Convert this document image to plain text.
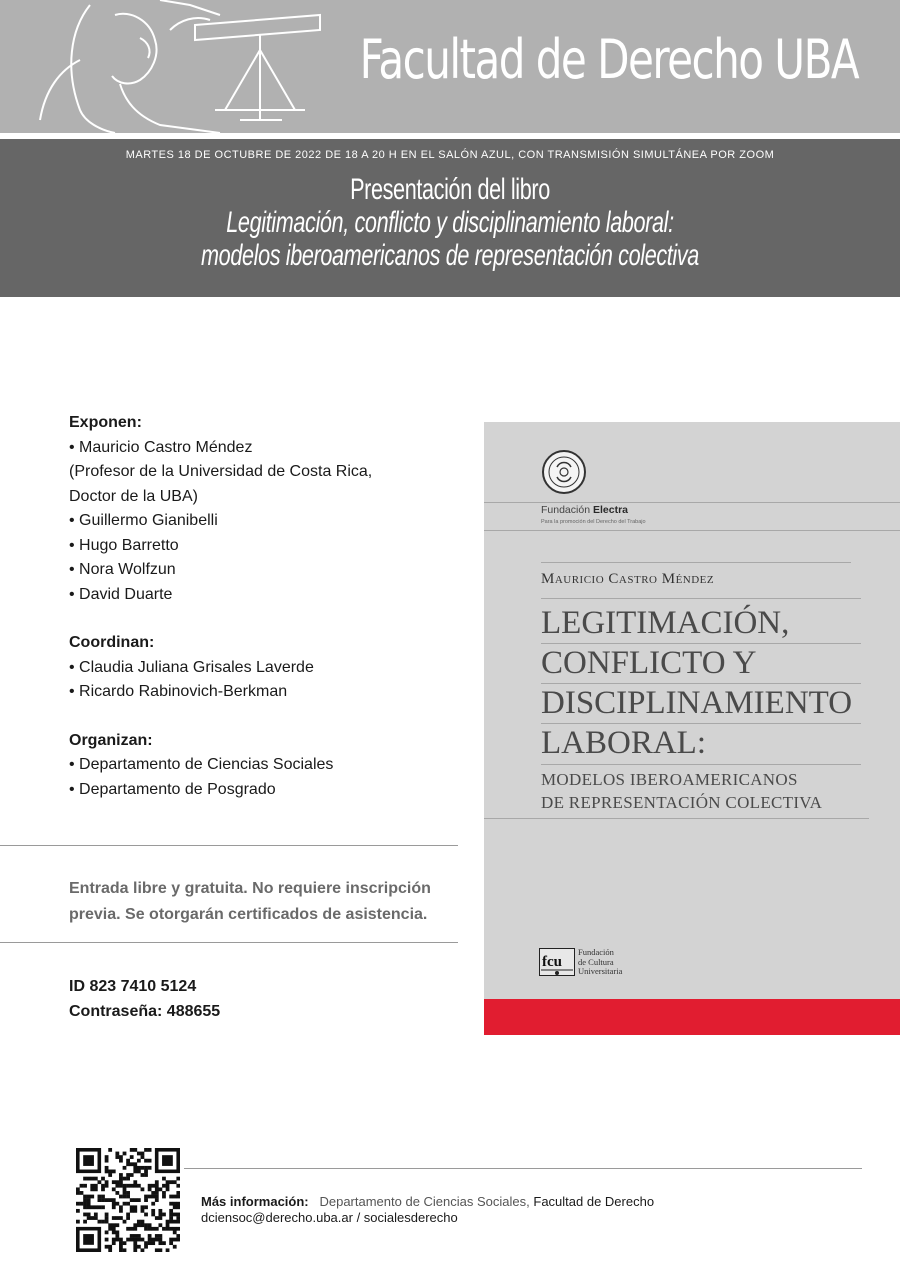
Facultad de Derecho UBA
MARTES 18 DE OCTUBRE DE 2022 DE 18 A 20 H EN EL SALÓN AZUL, CON TRANSMISIÓN SIMULTÁNEA POR ZOOM
Presentación del libro
Legitimación, conflicto y disciplinamiento laboral:
modelos iberoamericanos de representación colectiva
Exponen:
• Mauricio Castro Méndez
(Profesor de la Universidad de Costa Rica,
Doctor de la UBA)
• Guillermo Gianibelli
• Hugo Barretto
• Nora Wolfzun
• David Duarte
Coordinan:
• Claudia Juliana Grisales Laverde
• Ricardo Rabinovich-Berkman
Organizan:
• Departamento de Ciencias Sociales
• Departamento de Posgrado
Entrada libre y gratuita. No requiere inscripción previa. Se otorgarán certificados de asistencia.
ID 823 7410 5124
Contraseña: 488655
Fundación Electra
Para la promoción del Derecho del Trabajo
Mauricio Castro Méndez
LEGITIMACIÓN,
CONFLICTO Y
DISCIPLINAMIENTO
LABORAL:
MODELOS IBEROAMERICANOS
DE REPRESENTACIÓN COLECTIVA
fcu
Fundación
de Cultura
Universitaria
Más información: Departamento de Ciencias Sociales, Facultad de Derecho
dciensoc@derecho.uba.ar / socialesderecho
